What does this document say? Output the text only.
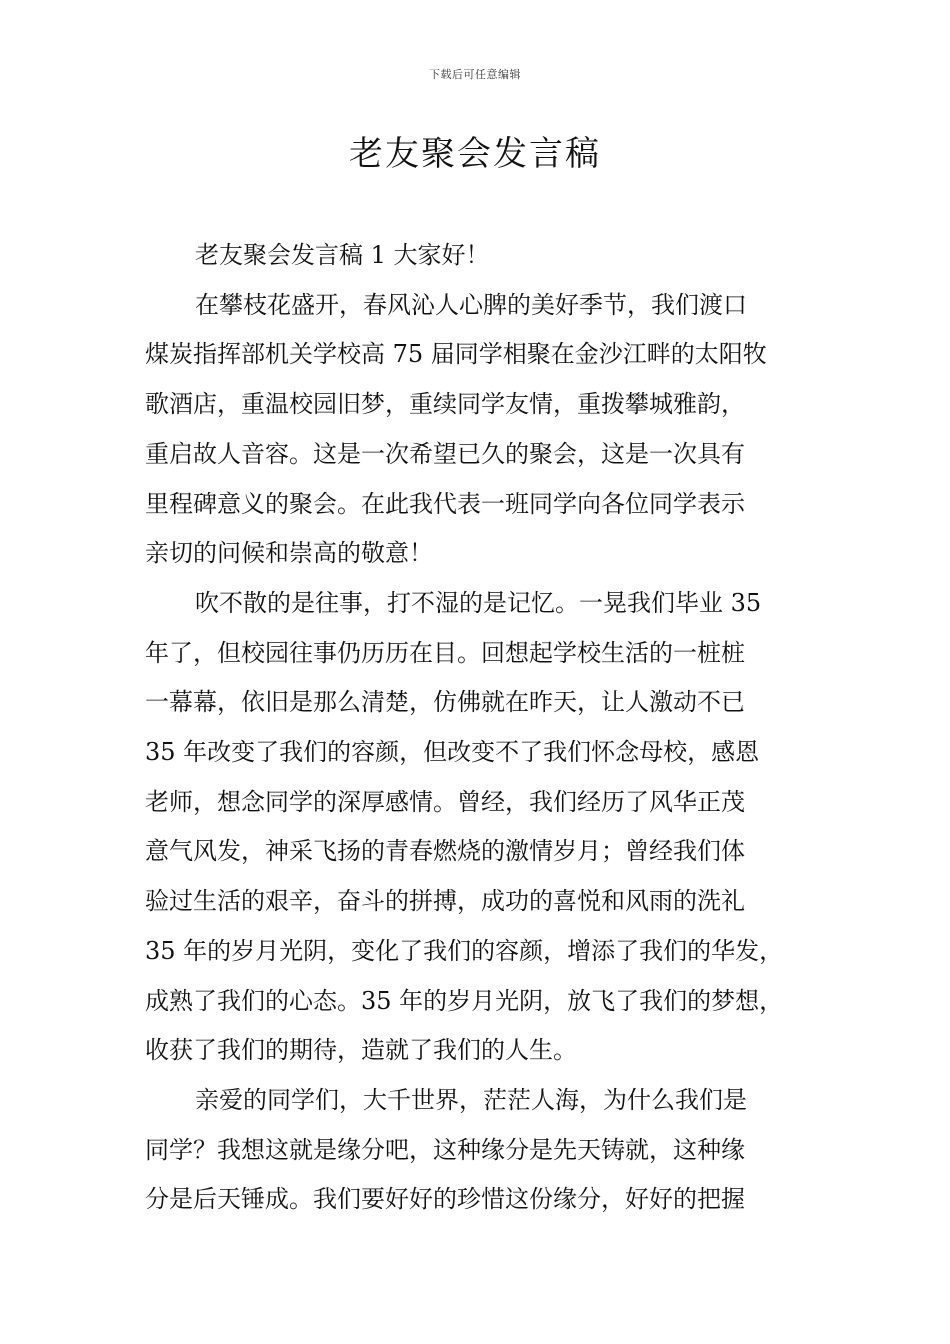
下载后可任意编辑
老友聚会发言稿

老友聚会发言稿 1 大家好！

在攀枝花盛开，春风沁人心脾的美好季节，我们渡口
煤炭指挥部机关学校高 75 届同学相聚在金沙江畔的太阳牧
歌酒店，重温校园旧梦，重续同学友情，重拨攀城雅韵，
重启故人音容。这是一次希望已久的聚会，这是一次具有
里程碑意义的聚会。在此我代表一班同学向各位同学表示
亲切的问候和崇高的敬意！

吹不散的是往事，打不湿的是记忆。一晃我们毕业 35
年了，但校园往事仍历历在目。回想起学校生活的一桩桩
一幕幕，依旧是那么清楚，仿佛就在昨天，让人激动不已
35 年改变了我们的容颜，但改变不了我们怀念母校，感恩
老师，想念同学的深厚感情。曾经，我们经历了风华正茂
意气风发，神采飞扬的青春燃烧的激情岁月；曾经我们体
验过生活的艰辛，奋斗的拼搏，成功的喜悦和风雨的洗礼
35 年的岁月光阴，变化了我们的容颜，增添了我们的华发，
成熟了我们的心态。35 年的岁月光阴，放飞了我们的梦想，
收获了我们的期待，造就了我们的人生。

亲爱的同学们，大千世界，茫茫人海，为什么我们是
同学？我想这就是缘分吧，这种缘分是先天铸就，这种缘
分是后天锤成。我们要好好的珍惜这份缘分，好好的把握
